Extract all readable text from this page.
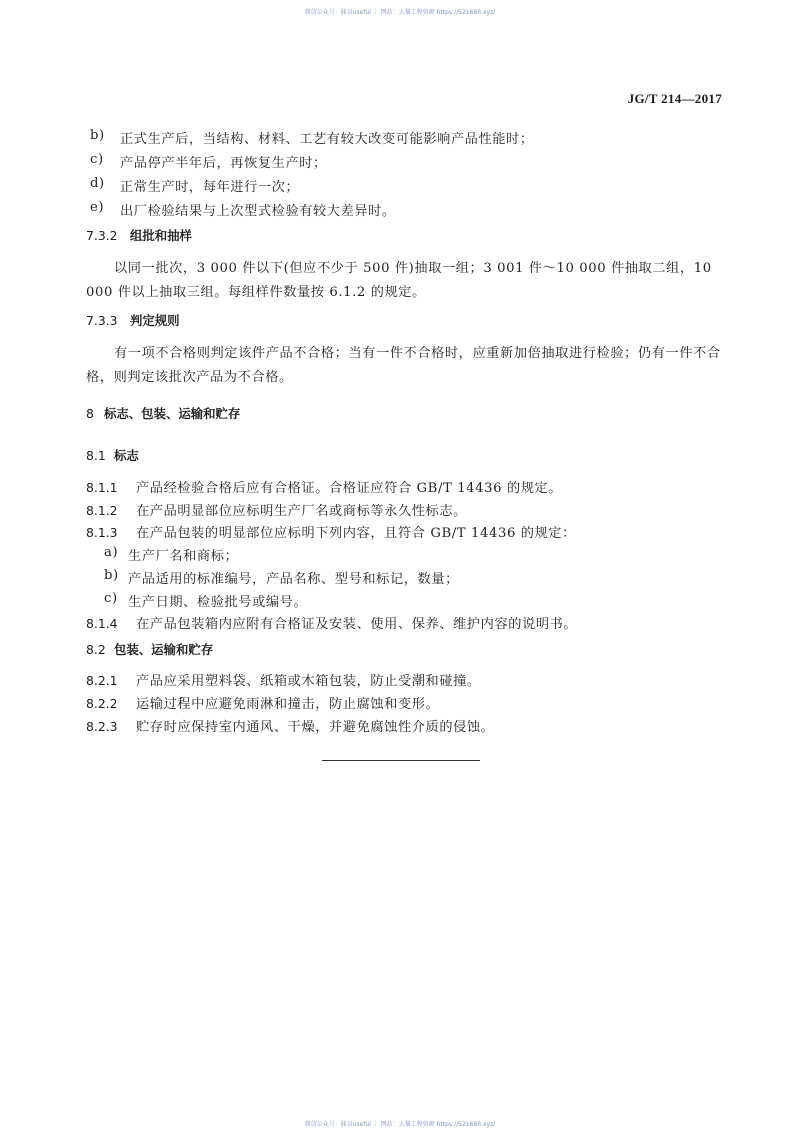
微信公众号：豚员useful ｜ 网站：大猫工程资源 https://521686.xyz/
JG/T 214—2017
b) 正式生产后，当结构、材料、工艺有较大改变可能影响产品性能时；
c) 产品停产半年后，再恢复生产时；
d) 正常生产时，每年进行一次；
e) 出厂检验结果与上次型式检验有较大差异时。
7.3.2 组批和抽样
以同一批次，3 000 件以下(但应不少于 500 件)抽取一组；3 001 件～10 000 件抽取二组，10 000 件以上抽取三组。每组样件数量按 6.1.2 的规定。
7.3.3 判定规则
有一项不合格则判定该件产品不合格；当有一件不合格时，应重新加倍抽取进行检验；仍有一件不合格，则判定该批次产品为不合格。
8 标志、包装、运输和贮存
8.1 标志
8.1.1 产品经检验合格后应有合格证。合格证应符合 GB/T 14436 的规定。
8.1.2 在产品明显部位应标明生产厂名或商标等永久性标志。
8.1.3 在产品包装的明显部位应标明下列内容，且符合 GB/T 14436 的规定：
a) 生产厂名和商标；
b) 产品适用的标准编号，产品名称、型号和标记，数量；
c) 生产日期、检验批号或编号。
8.1.4 在产品包装箱内应附有合格证及安装、使用、保养、维护内容的说明书。
8.2 包装、运输和贮存
8.2.1 产品应采用塑料袋、纸箱或木箱包装，防止受潮和碰撞。
8.2.2 运输过程中应避免雨淋和撞击，防止腐蚀和变形。
8.2.3 贮存时应保持室内通风、干燥，并避免腐蚀性介质的侵蚀。
微信公众号：豚员useful ｜ 网站：大猫工程资源 https://521686.xyz/
